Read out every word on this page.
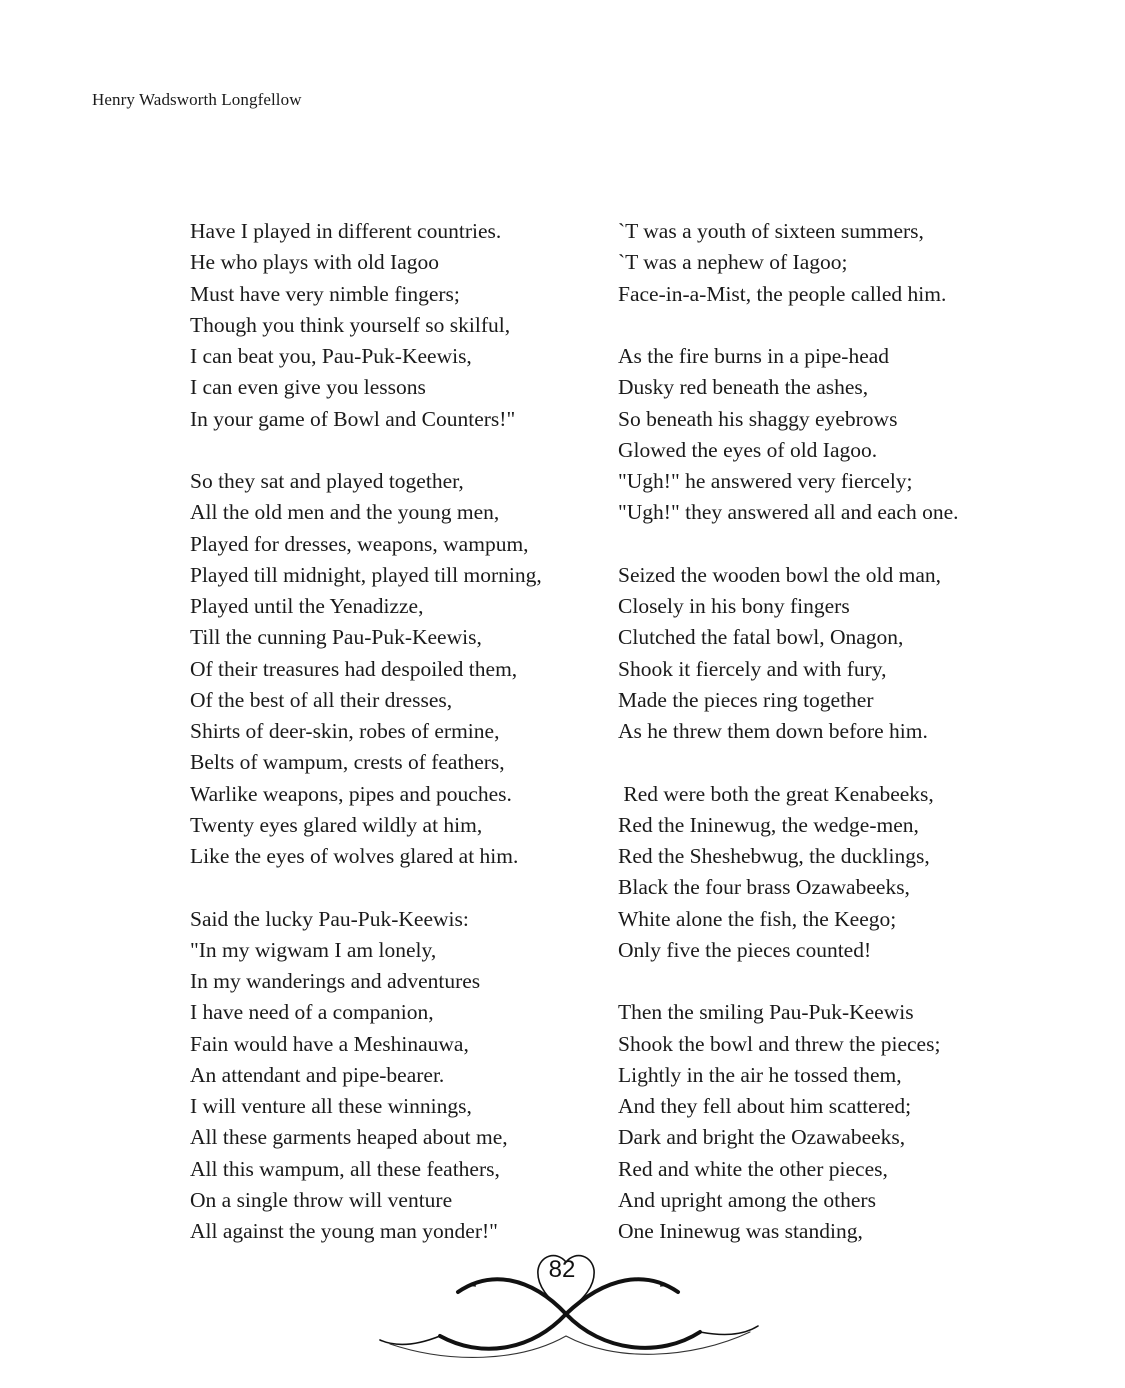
Henry Wadsworth Longfellow
Have I played in different countries.
He who plays with old Iagoo
Must have very nimble fingers;
Though you think yourself so skilful,
I can beat you, Pau-Puk-Keewis,
I can even give you lessons
In your game of Bowl and Counters!"
So they sat and played together,
All the old men and the young men,
Played for dresses, weapons, wampum,
Played till midnight, played till morning,
Played until the Yenadizze,
Till the cunning Pau-Puk-Keewis,
Of their treasures had despoiled them,
Of the best of all their dresses,
Shirts of deer-skin, robes of ermine,
Belts of wampum, crests of feathers,
Warlike weapons, pipes and pouches.
Twenty eyes glared wildly at him,
Like the eyes of wolves glared at him.
Said the lucky Pau-Puk-Keewis:
"In my wigwam I am lonely,
In my wanderings and adventures
I have need of a companion,
Fain would have a Meshinauwa,
An attendant and pipe-bearer.
I will venture all these winnings,
All these garments heaped about me,
All this wampum, all these feathers,
On a single throw will venture
All against the young man yonder!"
`T was a youth of sixteen summers,
`T was a nephew of Iagoo;
Face-in-a-Mist, the people called him.
As the fire burns in a pipe-head
Dusky red beneath the ashes,
So beneath his shaggy eyebrows
Glowed the eyes of old Iagoo.
"Ugh!" he answered very fiercely;
"Ugh!" they answered all and each one.
Seized the wooden bowl the old man,
Closely in his bony fingers
Clutched the fatal bowl, Onagon,
Shook it fiercely and with fury,
Made the pieces ring together
As he threw them down before him.
Red were both the great Kenabeeks,
Red the Ininewug, the wedge-men,
Red the Sheshebwug, the ducklings,
Black the four brass Ozawabeeks,
White alone the fish, the Keego;
Only five the pieces counted!
Then the smiling Pau-Puk-Keewis
Shook the bowl and threw the pieces;
Lightly in the air he tossed them,
And they fell about him scattered;
Dark and bright the Ozawabeeks,
Red and white the other pieces,
And upright among the others
One Ininewug was standing,
82
